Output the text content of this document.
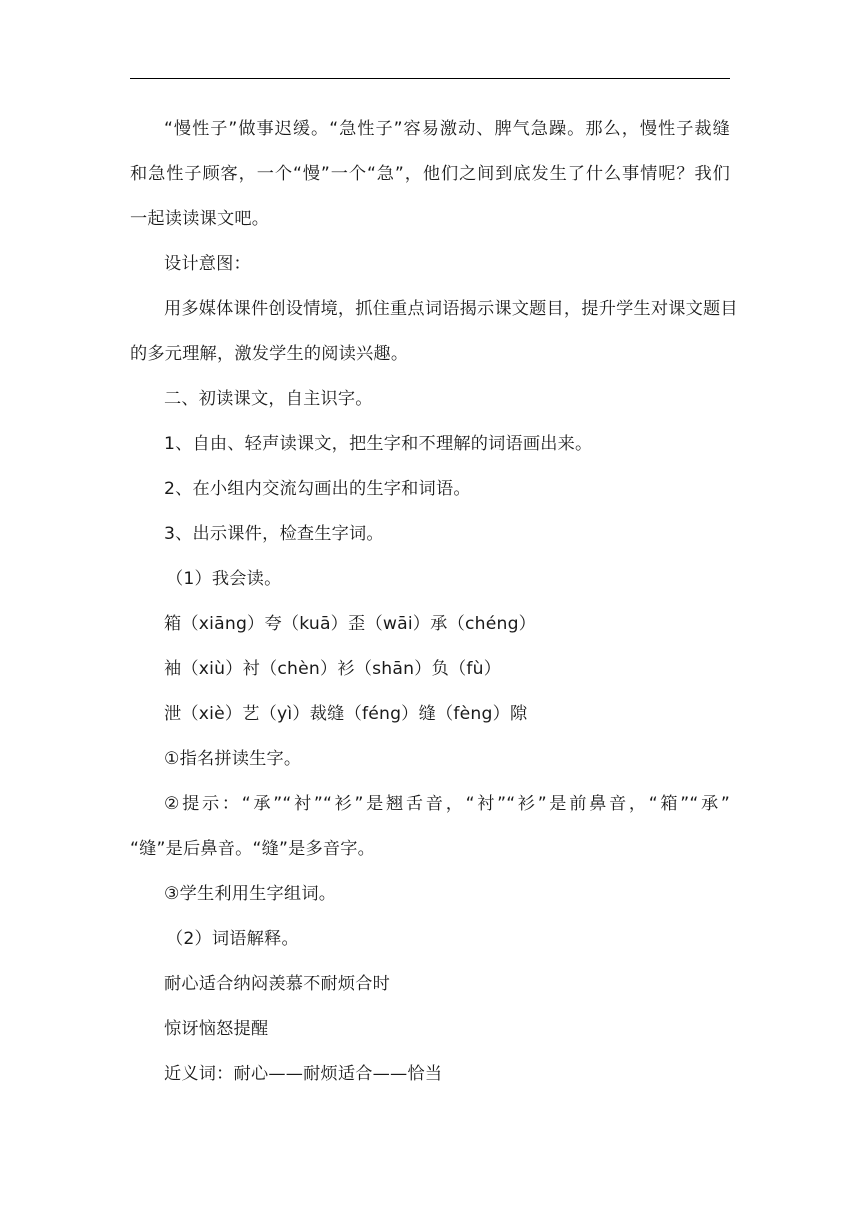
“慢性子”做事迟缓。“急性子”容易激动、脾气急躁。那么，慢性子裁缝
和急性子顾客，一个“慢”一个“急”，他们之间到底发生了什么事情呢？我们
一起读读课文吧。

设计意图：

用多媒体课件创设情境，抓住重点词语揭示课文题目，提升学生对课文题目
的多元理解，激发学生的阅读兴趣。

二、初读课文，自主识字。

1、自由、轻声读课文，把生字和不理解的词语画出来。

2、在小组内交流勾画出的生字和词语。

3、出示课件，检查生字词。

（1）我会读。

箱（xiāng）夸（kuā）歪（wāi）承（chéng）

袖（xiù）衬（chèn）衫（shān）负（fù）

泄（xiè）艺（yì）裁缝（féng）缝（fèng）隙

①指名拼读生字。

②提示：“承”“衬”“衫”是翘舌音，“衬”“衫”是前鼻音，“箱”“承”
“缝”是后鼻音。“缝”是多音字。

③学生利用生字组词。

（2）词语解释。

耐心适合纳闷羡慕不耐烦合时

惊讶恼怒提醒

近义词：耐心——耐烦适合——恰当
